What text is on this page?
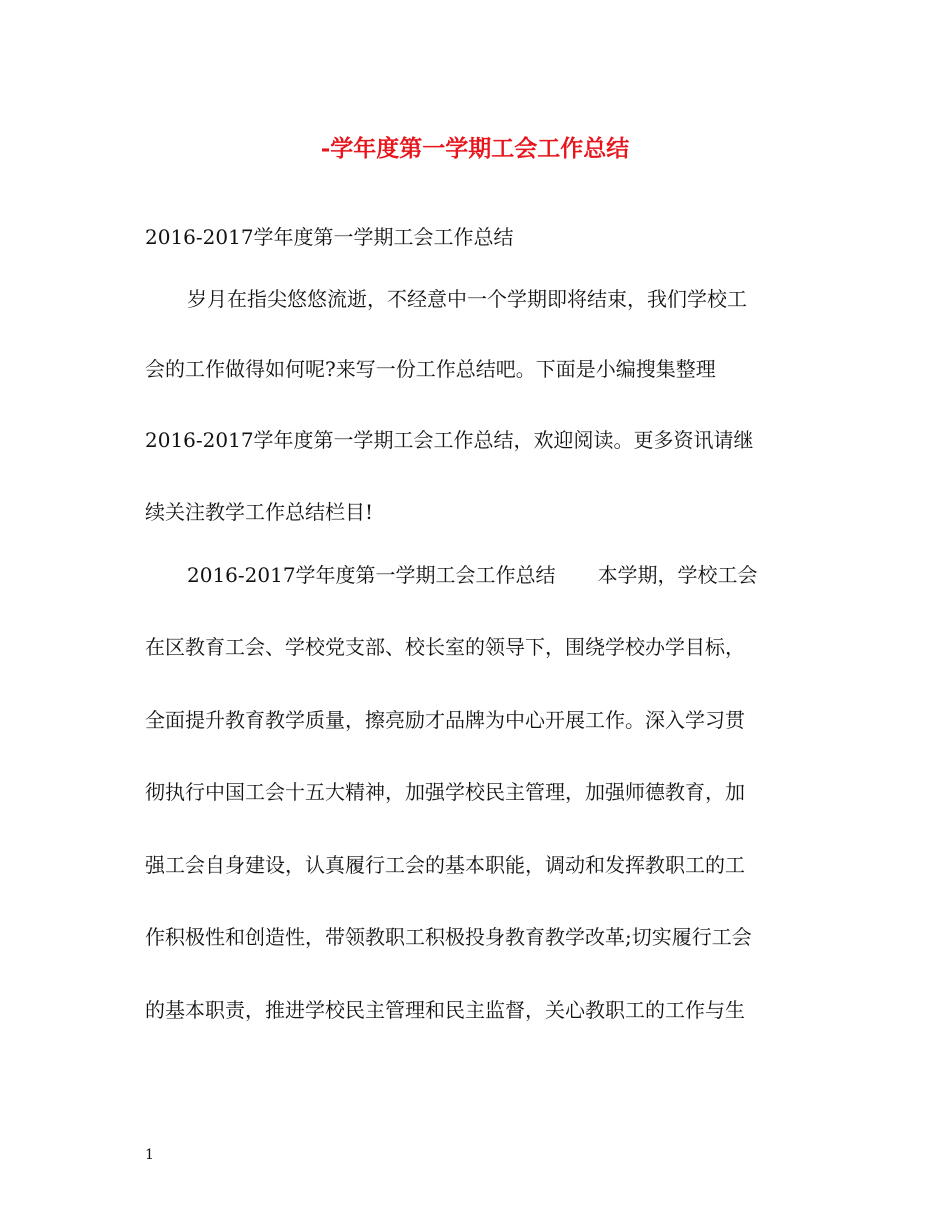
-学年度第一学期工会工作总结
2016-2017学年度第一学期工会工作总结
岁月在指尖悠悠流逝，不经意中一个学期即将结束，我们学校工
会的工作做得如何呢?来写一份工作总结吧。下面是小编搜集整理
2016-2017学年度第一学期工会工作总结，欢迎阅读。更多资讯请继
续关注教学工作总结栏目!
2016-2017学年度第一学期工会工作总结 本学期，学校工会
在区教育工会、学校党支部、校长室的领导下，围绕学校办学目标，
全面提升教育教学质量，擦亮励才品牌为中心开展工作。深入学习贯
彻执行中国工会十五大精神，加强学校民主管理，加强师德教育，加
强工会自身建设，认真履行工会的基本职能，调动和发挥教职工的工
作积极性和创造性，带领教职工积极投身教育教学改革;切实履行工会
的基本职责，推进学校民主管理和民主监督，关心教职工的工作与生
1
